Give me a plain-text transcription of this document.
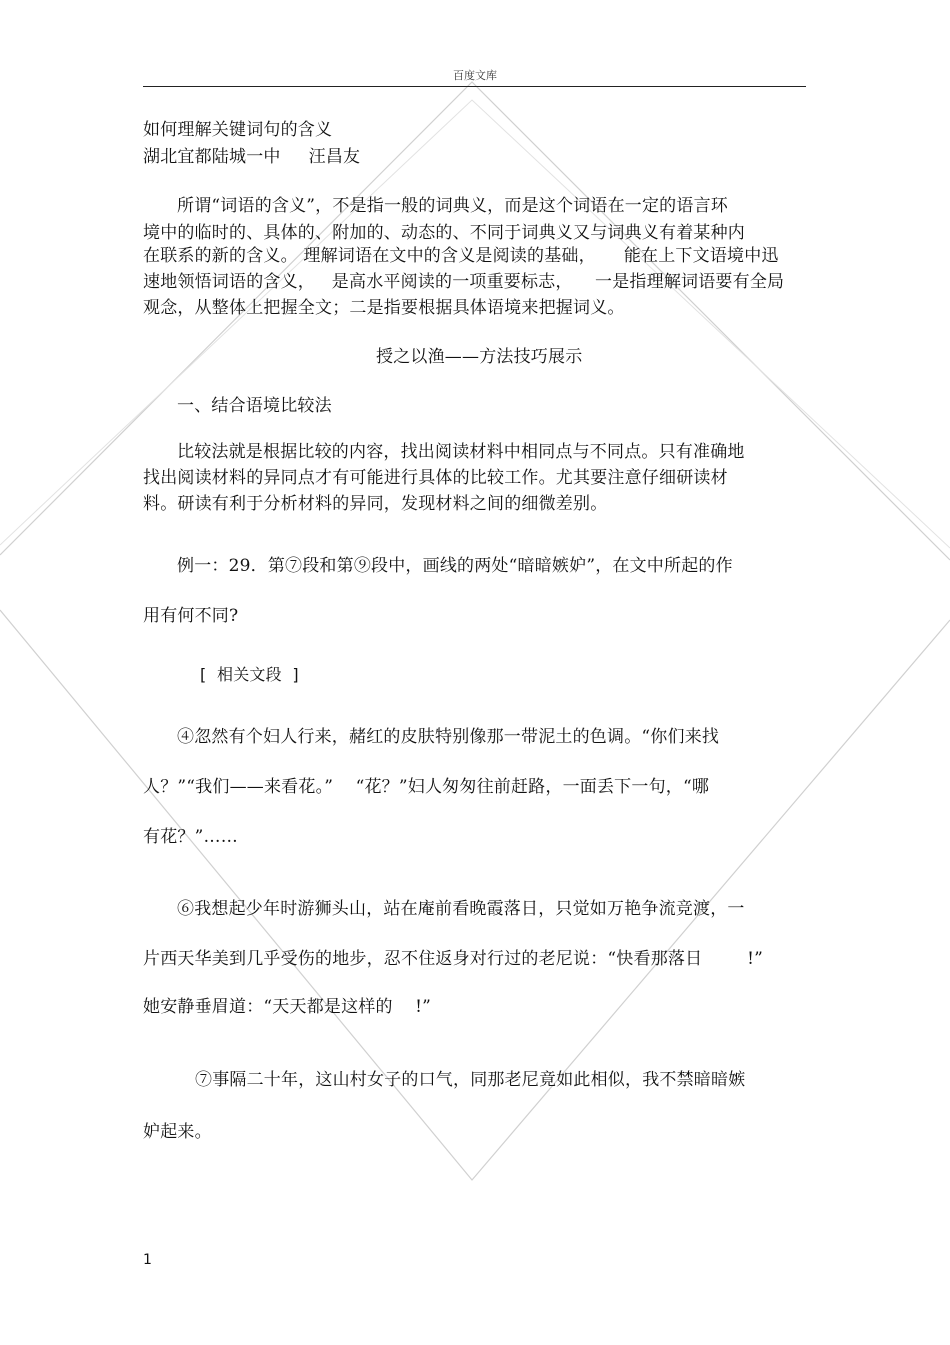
百度文库
如何理解关键词句的含义
湖北宜都陆城一中     汪昌友
所谓“词语的含义”，不是指一般的词典义，而是这个词语在一定的语言环
境中的临时的、具体的、附加的、动态的、不同于词典义又与词典义有着某种内
在联系的新的含义。 理解词语在文中的含义是阅读的基础，     能在上下文语境中迅
速地领悟词语的含义，   是高水平阅读的一项重要标志，    一是指理解词语要有全局
观念，从整体上把握全文；二是指要根据具体语境来把握词义。
授之以渔——方法技巧展示
一、结合语境比较法
比较法就是根据比较的内容，找出阅读材料中相同点与不同点。只有准确地
找出阅读材料的异同点才有可能进行具体的比较工作。尤其要注意仔细研读材
料。研读有利于分析材料的异同，发现材料之间的细微差别。
例一：29．第⑦段和第⑨段中，画线的两处“暗暗嫉妒”，在文中所起的作
用有何不同?
[  相关文段  ]
④忽然有个妇人行来，赭红的皮肤特别像那一带泥土的色调。“你们来找
人？”“我们——来看花。”    “花？”妇人匆匆往前赶路，一面丢下一句，“哪
有花？”……
⑥我想起少年时游狮头山，站在庵前看晚霞落日，只觉如万艳争流竞渡，一
片西天华美到几乎受伤的地步，忍不住返身对行过的老尼说：“快看那落日        !”
她安静垂眉道：“天天都是这样的    !”
⑦事隔二十年，这山村女子的口气，同那老尼竟如此相似，我不禁暗暗嫉
妒起来。
1
